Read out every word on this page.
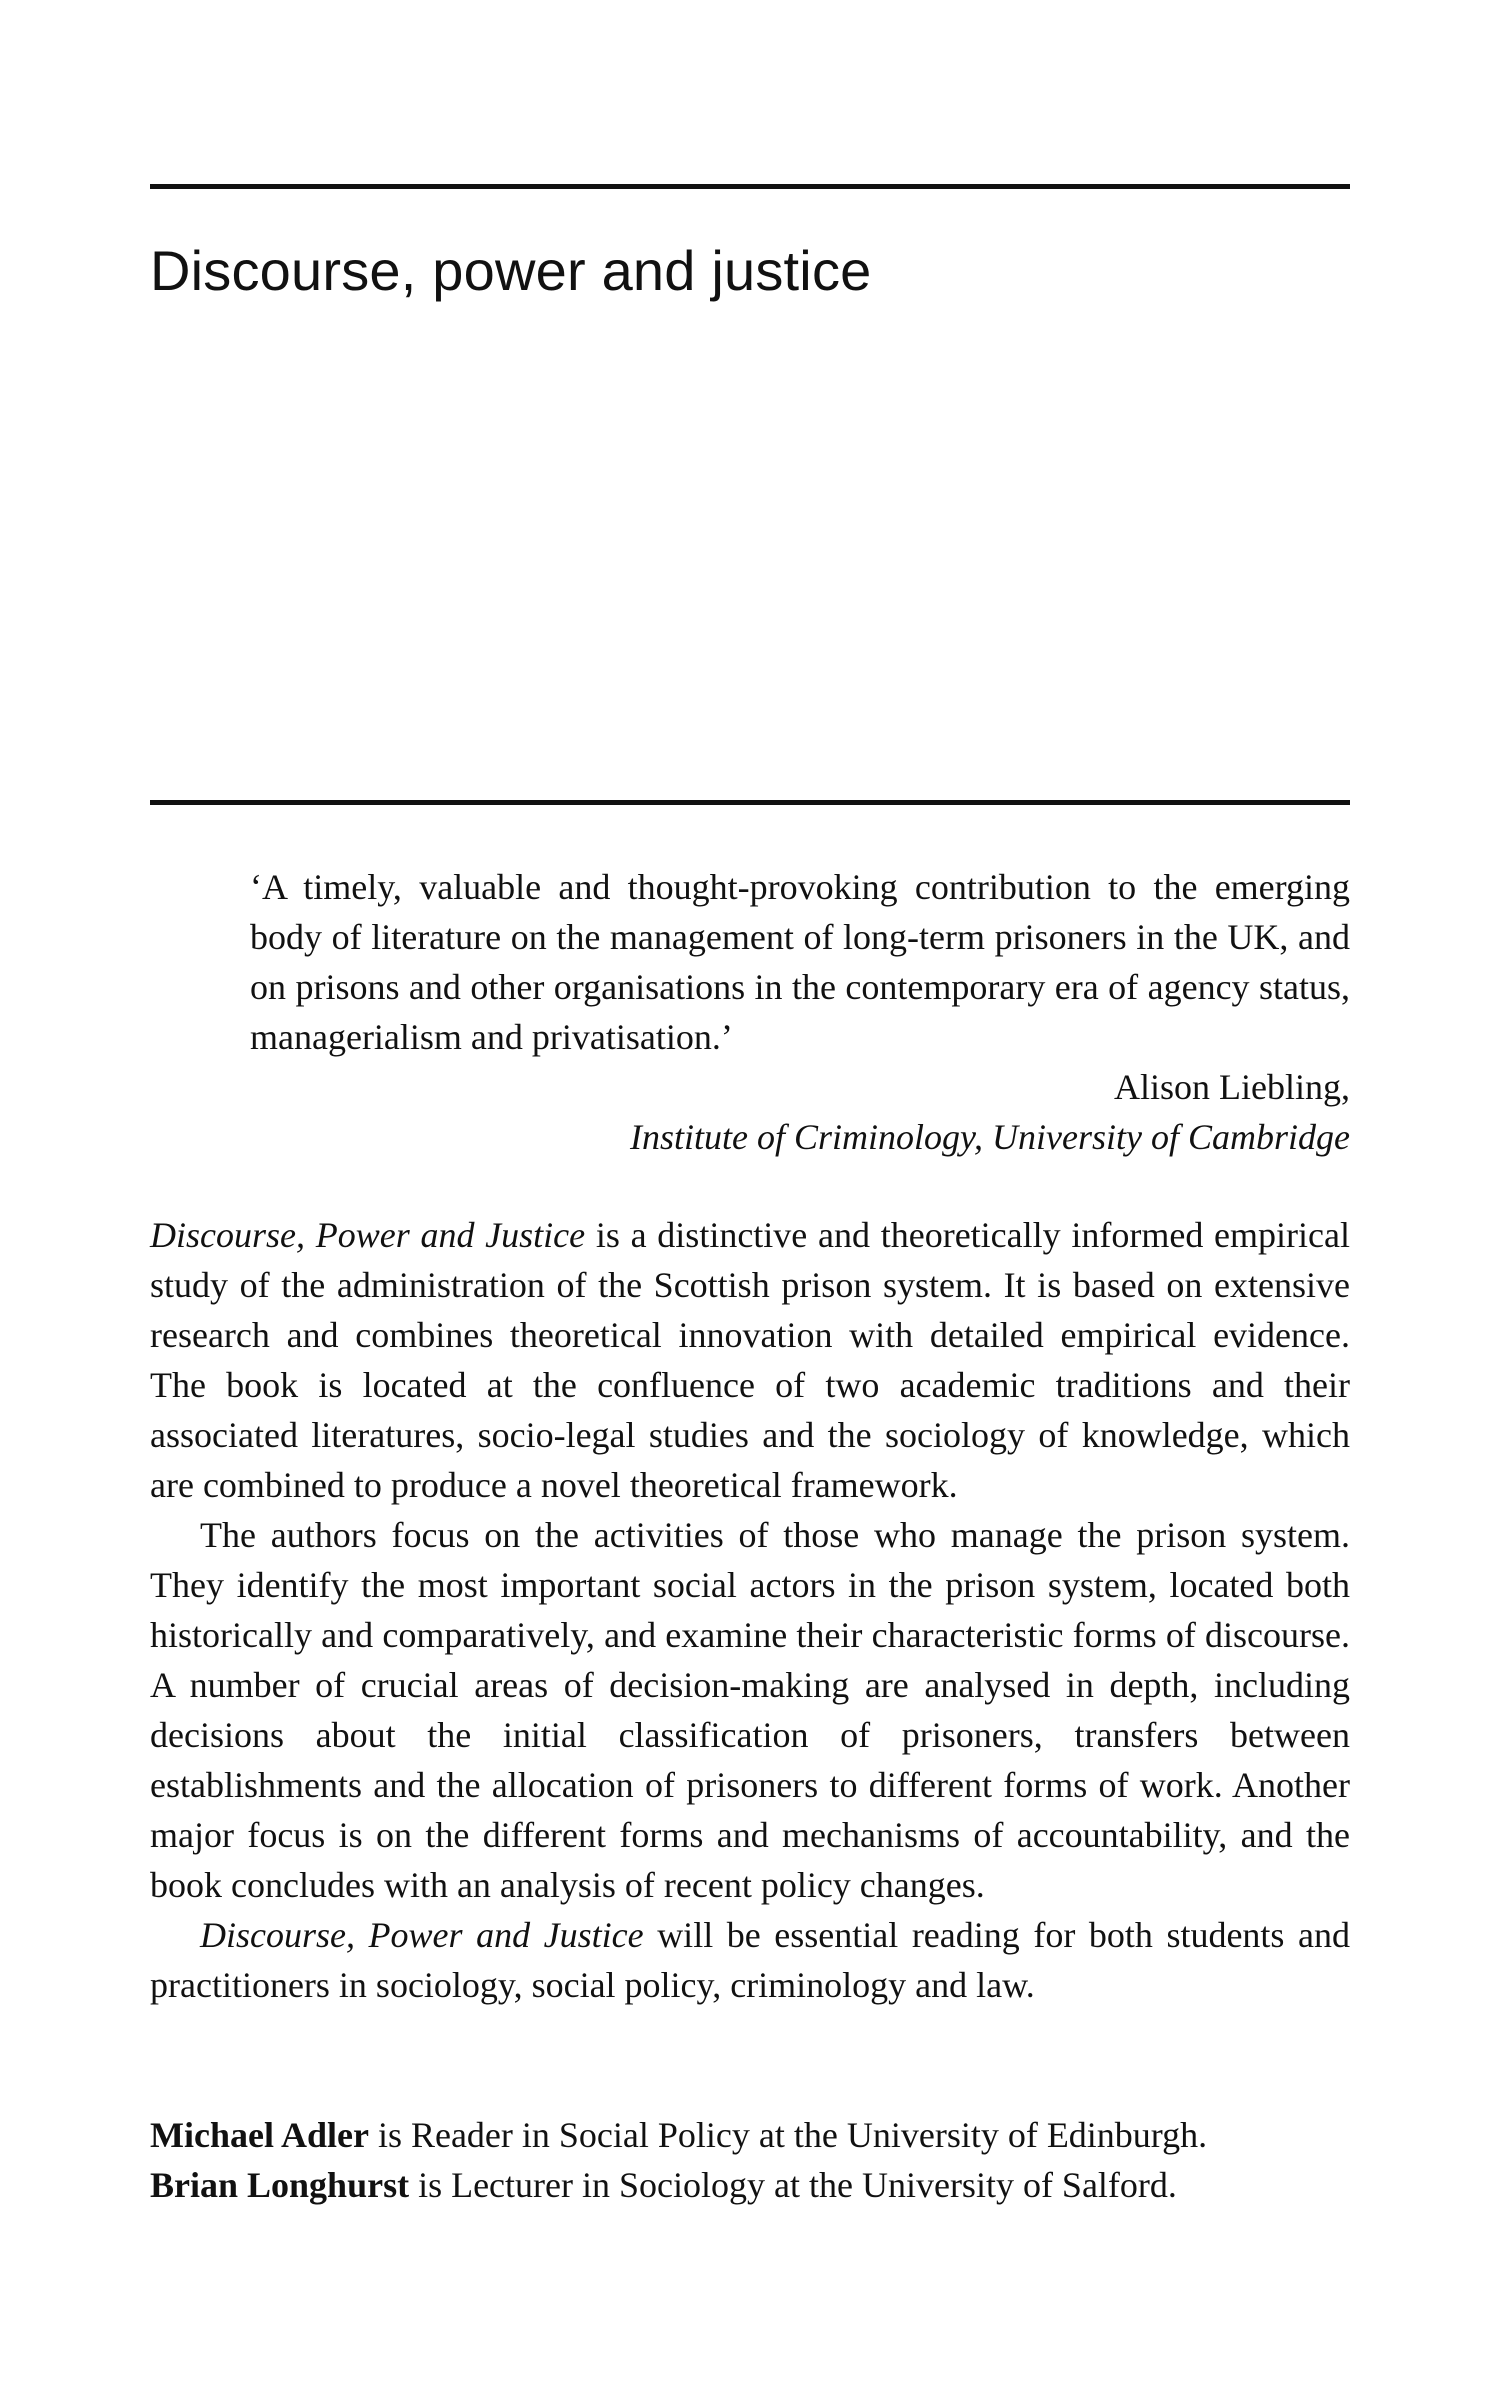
Discourse, power and justice

‘A timely, valuable and thought-provoking contribution to the emerging body of literature on the management of long-term prisoners in the UK, and on prisons and other organisations in the contemporary era of agency status, managerialism and privatisation.’

Alison Liebling,
Institute of Criminology, University of Cambridge

Discourse, Power and Justice is a distinctive and theoretically informed empirical study of the administration of the Scottish prison system. It is based on extensive research and combines theoretical innovation with detailed empirical evidence. The book is located at the confluence of two academic traditions and their associated literatures, socio-legal studies and the sociology of knowledge, which are combined to produce a novel theoretical framework.

The authors focus on the activities of those who manage the prison system. They identify the most important social actors in the prison system, located both historically and comparatively, and examine their characteristic forms of discourse. A number of crucial areas of decision-making are analysed in depth, including decisions about the initial classification of prisoners, transfers between establishments and the allocation of prisoners to different forms of work. Another major focus is on the different forms and mechanisms of accountability, and the book concludes with an analysis of recent policy changes.

Discourse, Power and Justice will be essential reading for both students and practitioners in sociology, social policy, criminology and law.

Michael Adler is Reader in Social Policy at the University of Edinburgh.

Brian Longhurst is Lecturer in Sociology at the University of Salford.
